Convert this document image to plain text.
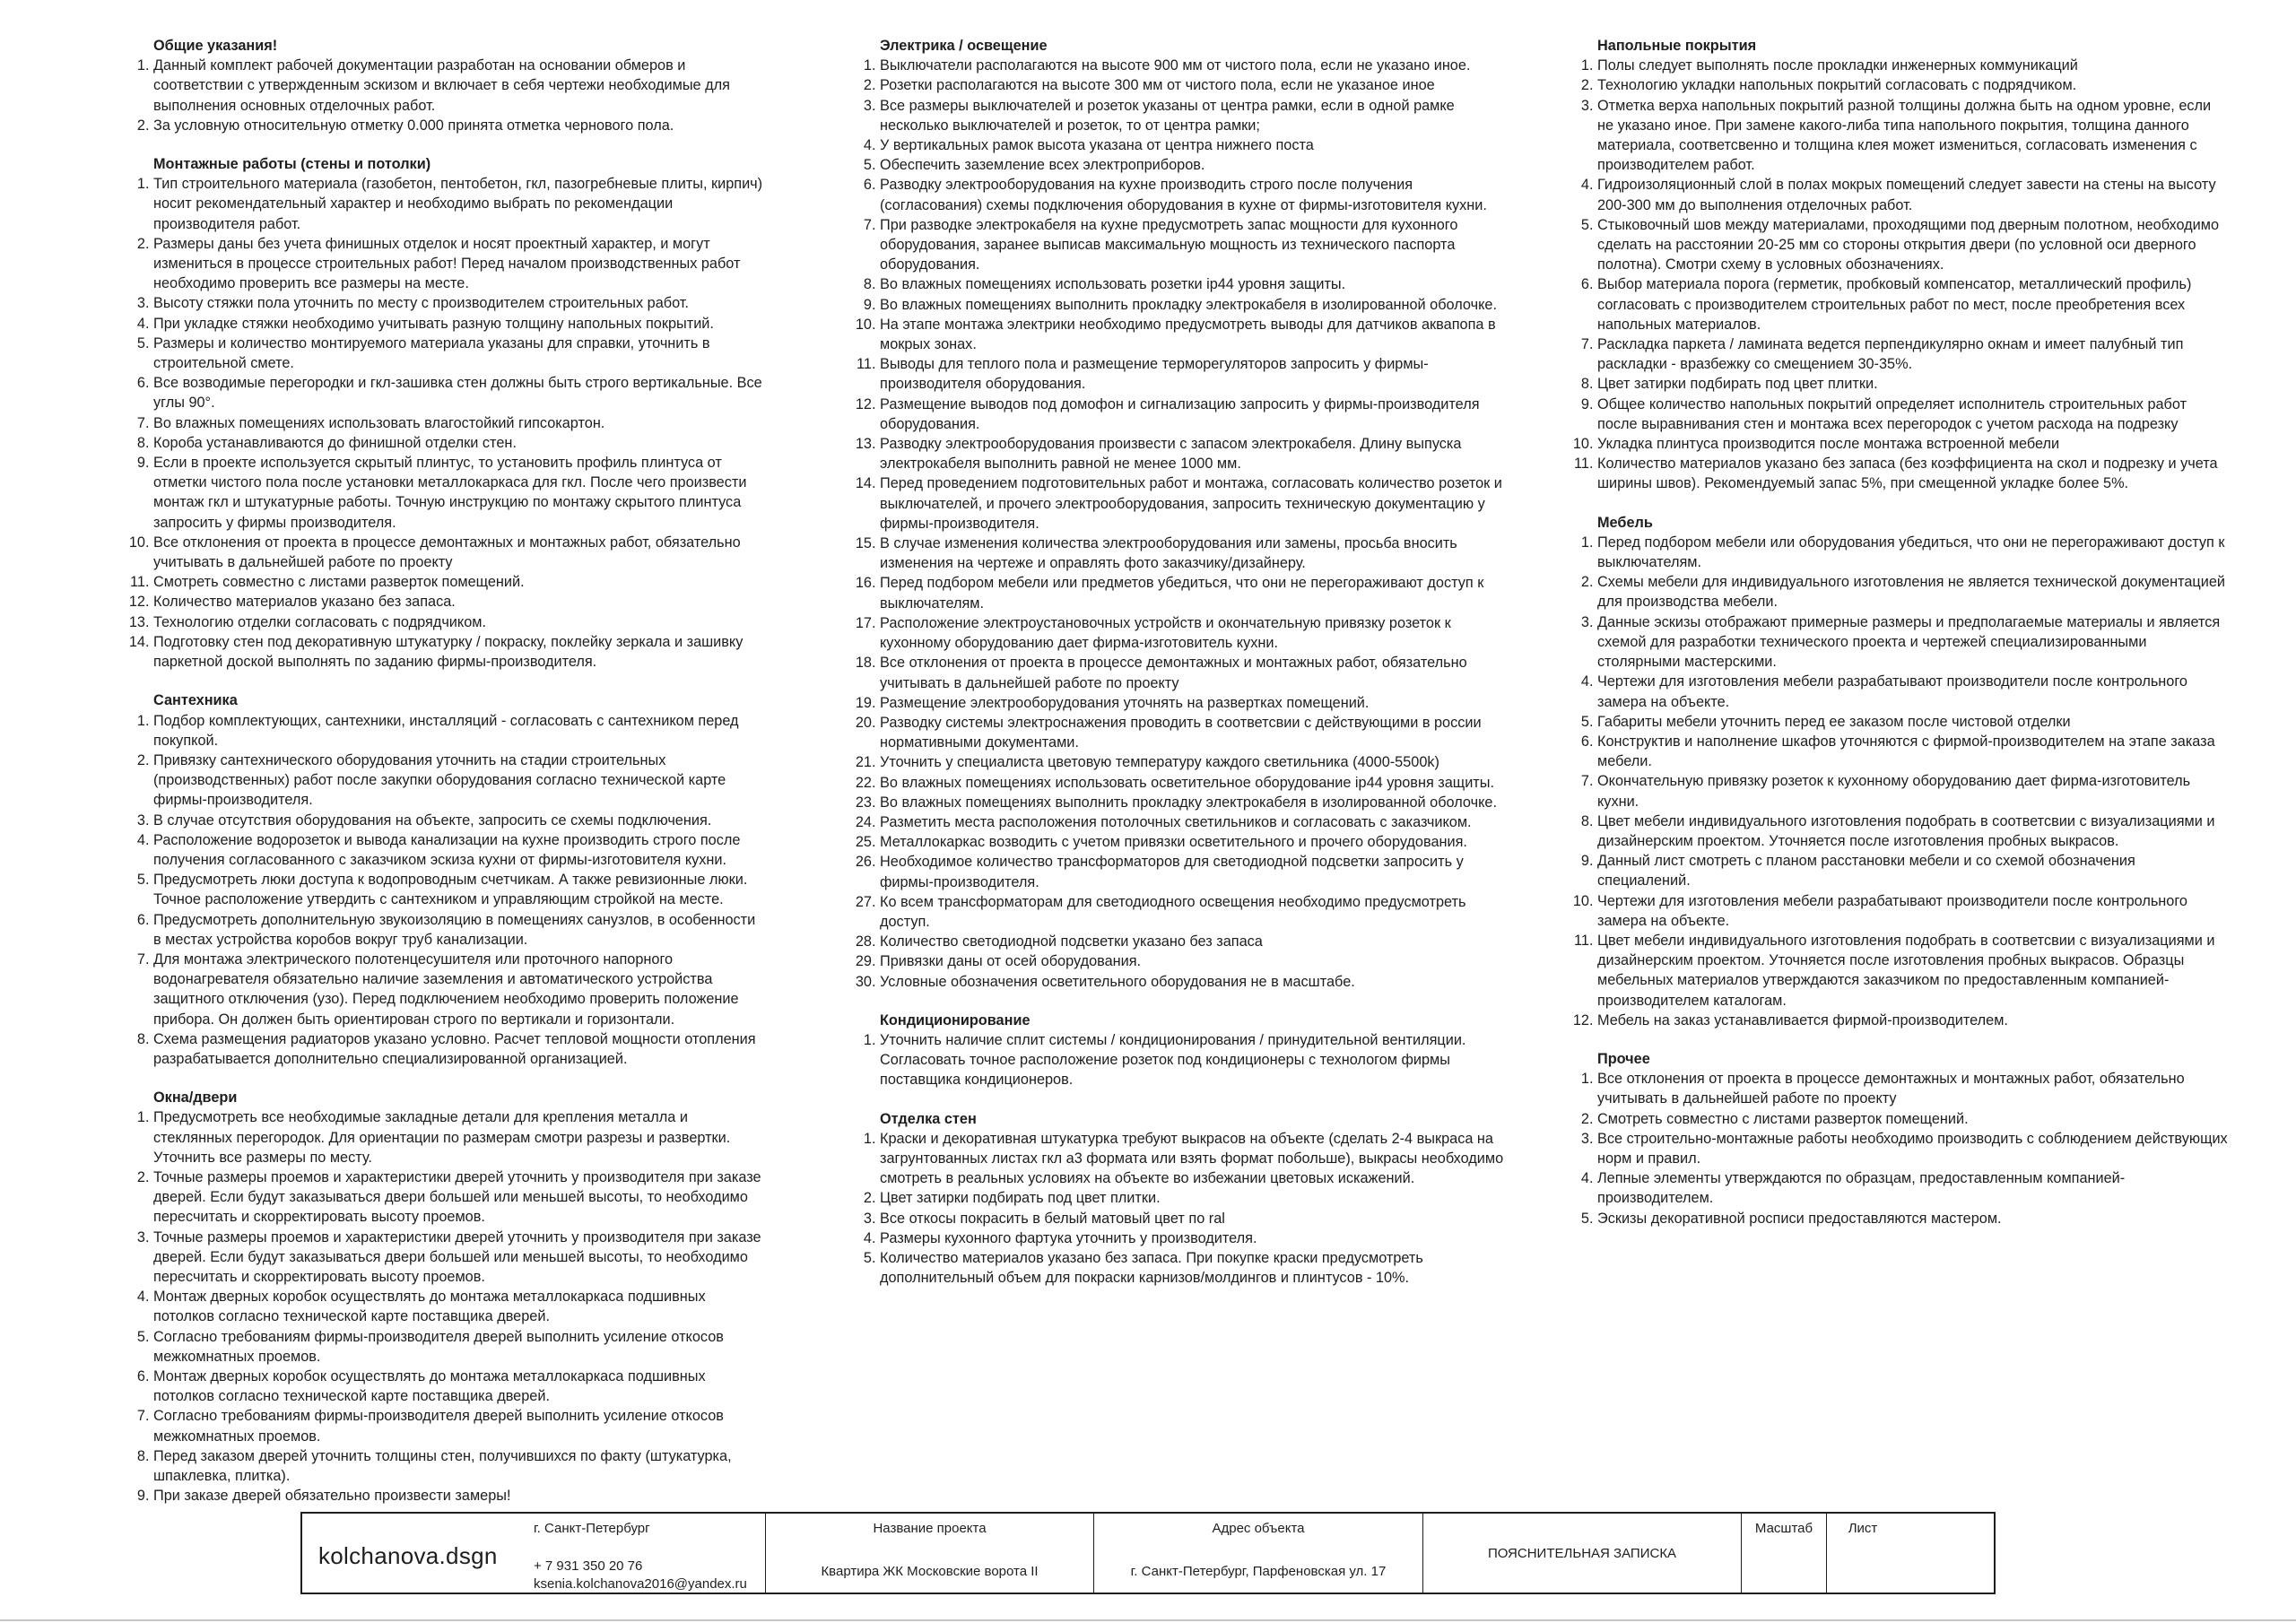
Общие указания!
1. Данный комплект рабочей документации разработан на основании обмеров и соответствии с утвержденным эскизом и включает в себя чертежи необходимые для выполнения основных отделочных работ.
2. За условную относительную отметку 0.000 принята отметка чернового пола.
Монтажные работы (стены и потолки)
1. Тип строительного материала (газобетон, пентобетон, гкл, пазогребневые плиты, кирпич) носит рекомендательный характер и необходимо выбрать по рекомендации производителя работ.
2. Размеры даны без учета финишных отделок и носят проектный характер, и могут измениться в процессе строительных работ! Перед началом производственных работ необходимо проверить все размеры на месте.
3. Высоту стяжки пола уточнить по месту с производителем строительных работ.
4. При укладке стяжки необходимо учитывать разную толщину напольных покрытий.
5. Размеры и количество монтируемого материала указаны для справки, уточнить в строительной смете.
6. Все возводимые перегородки и гкл-зашивка стен должны быть строго вертикальные. Все углы 90°.
7. Во влажных помещениях использовать влагостойкий гипсокартон.
8. Короба устанавливаются до финишной отделки стен.
9. Если в проекте используется скрытый плинтус, то установить профиль плинтуса от отметки чистого пола после установки металлокаркаса для гкл. После чего произвести монтаж гкл и штукатурные работы. Точную инструкцию по монтажу скрытого плинтуса запросить у фирмы производителя.
10. Все отклонения от проекта в процессе демонтажных и монтажных работ, обязательно учитывать в дальнейшей работе по проекту
11. Смотреть совместно с листами разверток помещений.
12. Количество материалов указано без запаса.
13. Технологию отделки согласовать с подрядчиком.
14. Подготовку стен под декоративную штукатурку / покраску, поклейку зеркала и зашивку паркетной доской выполнять по заданию фирмы-производителя.
Сантехника
1. Подбор комплектующих, сантехники, инсталляций - согласовать с сантехником перед покупкой.
2. Привязку сантехнического оборудования уточнить на стадии строительных (производственных) работ после закупки оборудования согласно технической карте фирмы-производителя.
3. В случае отсутствия оборудования на объекте, запросить се схемы подключения.
4. Расположение водорозеток и вывода канализации на кухне производить строго после получения согласованного с заказчиком эскиза кухни от фирмы-изготовителя кухни.
5. Предусмотреть люки доступа к водопроводным счетчикам. А также ревизионные люки. Точное расположение утвердить с сантехником и управляющим стройкой на месте.
6. Предусмотреть дополнительную звукоизоляцию в помещениях санузлов, в особенности в местах устройства коробов вокруг труб канализации.
7. Для монтажа электрического полотенцесушителя или проточного напорного водонагревателя обязательно наличие заземления и автоматического устройства защитного отключения (узо). Перед подключением необходимо проверить положение прибора. Он должен быть ориентирован строго по вертикали и горизонтали.
8. Схема размещения радиаторов указано условно. Расчет тепловой мощности отопления разрабатывается дополнительно специализированной организацией.
Окна/двери
1. Предусмотреть все необходимые закладные детали для крепления металла и стеклянных перегородок. Для ориентации по размерам смотри разрезы и развертки. Уточнить все размеры по месту.
2. Точные размеры проемов и характеристики дверей уточнить у производителя при заказе дверей. Если будут заказываться двери большей или меньшей высоты, то необходимо пересчитать и скорректировать высоту проемов.
3. Точные размеры проемов и характеристики дверей уточнить у производителя при заказе дверей. Если будут заказываться двери большей или меньшей высоты, то необходимо пересчитать и скорректировать высоту проемов.
4. Монтаж дверных коробок осуществлять до монтажа металлокаркаса подшивных потолков согласно технической карте поставщика дверей.
5. Согласно требованиям фирмы-производителя дверей выполнить усиление откосов межкомнатных проемов.
6. Монтаж дверных коробок осуществлять до монтажа металлокаркаса подшивных потолков согласно технической карте поставщика дверей.
7. Согласно требованиям фирмы-производителя дверей выполнить усиление откосов межкомнатных проемов.
8. Перед заказом дверей уточнить толщины стен, получившихся по факту (штукатурка, шпаклевка, плитка).
9. При заказе дверей обязательно произвести замеры!
Электрика / освещение
1. Выключатели располагаются на высоте 900 мм от чистого пола, если не указано иное.
2. Розетки располагаются на высоте 300 мм от чистого пола, если не указаное иное
3. Все размеры выключателей и розеток указаны от центра рамки, если в одной рамке несколько выключателей и розеток, то от центра рамки;
4. У вертикальных рамок высота указана от центра нижнего поста
5. Обеспечить заземление всех электроприборов.
6. Разводку электрооборудования на кухне производить строго после получения (согласования) схемы подключения оборудования в кухне от фирмы-изготовителя кухни.
7. При разводке электрокабеля на кухне предусмотреть запас мощности для кухонного оборудования, заранее выписав максимальную мощность из технического паспорта оборудования.
8. Во влажных помещениях использовать розетки ip44 уровня защиты.
9. Во влажных помещениях выполнить прокладку электрокабеля в изолированной оболочке.
10. На этапе монтажа электрики необходимо предусмотреть выводы для датчиков аквапопа в мокрых зонах.
11. Выводы для теплого пола и размещение терморегуляторов запросить у фирмы-производителя оборудования.
12. Размещение выводов под домофон и сигнализацию запросить у фирмы-производителя оборудования.
13. Разводку электрооборудования произвести с запасом электрокабеля. Длину выпуска электрокабеля выполнить равной не менее 1000 мм.
14. Перед проведением подготовительных работ и монтажа, согласовать количество розеток и выключателей, и прочего электрооборудования, запросить техническую документацию у фирмы-производителя.
15. В случае изменения количества электрооборудования или замены, просьба вносить изменения на чертеже и оправлять фото заказчику/дизайнеру.
16. Перед подбором мебели или предметов убедиться, что они не перегораживают доступ к выключателям.
17. Расположение электроустановочных устройств и окончательную привязку розеток к кухонному оборудованию дает фирма-изготовитель кухни.
18. Все отклонения от проекта в процессе демонтажных и монтажных работ, обязательно учитывать в дальнейшей работе по проекту
19. Размещение электрооборудования уточнять на развертках помещений.
20. Разводку системы электроснажения проводить в соответсвии с действующими в россии нормативными документами.
21. Уточнить у специалиста цветовую температуру каждого светильника (4000-5500k)
22. Во влажных помещениях использовать осветительное оборудование ip44 уровня защиты.
23. Во влажных помещениях выполнить прокладку электрокабеля в изолированной оболочке.
24. Разметить места расположения потолочных светильников и согласовать с заказчиком.
25. Металлокаркас возводить с учетом привязки осветительного и прочего оборудования.
26. Необходимое количество трансформаторов для светодиодной подсветки запросить у фирмы-производителя.
27. Ко всем трансформаторам для светодиодного освещения необходимо предусмотреть доступ.
28. Количество светодиодной подсветки указано без запаса
29. Привязки даны от осей оборудования.
30. Условные обозначения осветительного оборудования не в масштабе.
Кондиционирование
1. Уточнить наличие сплит системы / кондиционирования / принудительной вентиляции. Согласовать точное расположение розеток под кондиционеры с технологом фирмы поставщика кондиционеров.
Отделка стен
1. Краски и декоративная штукатурка требуют выкрасов на объекте (сделать 2-4 выкраса на загрунтованных листах гкл а3 формата или взять формат побольше), выкрасы необходимо смотреть в реальных условиях на объекте во избежании цветовых искажений.
2. Цвет затирки подбирать под цвет плитки.
3. Все откосы покрасить в белый матовый цвет по ral
4. Размеры кухонного фартука уточнить у производителя.
5. Количество материалов указано без запаса. При покупке краски предусмотреть дополнительный объем для покраски карнизов/молдингов и плинтусов - 10%.
Напольные покрытия
1. Полы следует выполнять после прокладки инженерных коммуникаций
2. Технологию укладки напольных покрытий согласовать с подрядчиком.
3. Отметка верха напольных покрытий разной толщины должна быть на одном уровне, если не указано иное. При замене какого-либа типа напольного покрытия, толщина данного материала, соответсвенно и толщина клея может измениться, согласовать изменения с производителем работ.
4. Гидроизоляционный слой в полах мокрых помещений следует завести на стены на высоту 200-300 мм до выполнения отделочных работ.
5. Стыковочный шов между материалами, проходящими под дверным полотном, необходимо сделать на расстоянии 20-25 мм со стороны открытия двери (по условной оси дверного полотна). Смотри схему в условных обозначениях.
6. Выбор материала порога (герметик, пробковый компенсатор, металлический профиль) согласовать с производителем строительных работ по мест, после преобретения всех напольных материалов.
7. Раскладка паркета / ламината ведется перпендикулярно окнам и имеет палубный тип раскладки - вразбежку со смещением 30-35%.
8. Цвет затирки подбирать под цвет плитки.
9. Общее количество напольных покрытий определяет исполнитель строительных работ после выравнивания стен и монтажа всех перегородок с учетом расхода на подрезку
10. Укладка плинтуса производится после монтажа встроенной мебели
11. Количество материалов указано без запаса (без коэффициента на скол и подрезку и учета ширины швов). Рекомендуемый запас 5%, при смещенной укладке более 5%.
Мебель
1. Перед подбором мебели или оборудования убедиться, что они не перегораживают доступ к выключателям.
2. Схемы мебели для индивидуального изготовления не является технической документацией для производства мебели.
3. Данные эскизы отображают примерные размеры и предполагаемые материалы и является схемой для разработки технического проекта и чертежей специализированными столярными мастерскими.
4. Чертежи для изготовления мебели разрабатывают производители после контрольного замера на объекте.
5. Габариты мебели уточнить перед ее заказом после чистовой отделки
6. Конструктив и наполнение шкафов уточняются с фирмой-производителем на этапе заказа мебели.
7. Окончательную привязку розеток к кухонному оборудованию дает фирма-изготовитель кухни.
8. Цвет мебели индивидуального изготовления подобрать в соответсвии с визуализациями и дизайнерским проектом. Уточняется после изготовления пробных выкрасов.
9. Данный лист смотреть с планом расстановки мебели и со схемой обозначения специалений.
10. Чертежи для изготовления мебели разрабатывают производители после контрольного замера на объекте.
11. Цвет мебели индивидуального изготовления подобрать в соответсвии с визуализациями и дизайнерским проектом. Уточняется после изготовления пробных выкрасов. Образцы мебельных материалов утверждаются заказчиком по предоставленным компанией-производителем каталогам.
12. Мебель на заказ устанавливается фирмой-производителем.
Прочее
1. Все отклонения от проекта в процессе демонтажных и монтажных работ, обязательно учитывать в дальнейшей работе по проекту
2. Смотреть совместно с листами разверток помещений.
3. Все строительно-монтажные работы необходимо производить с соблюдением действующих норм и правил.
4. Лепные элементы утверждаются по образцам, предоставленным компанией-производителем.
5. Эскизы декоративной росписи предоставляются мастером.
kolchanova.dsgn
г. Санкт-Петербург
+ 7 931 350 20 76
ksenia.kolchanova2016@yandex.ru
Название проекта
Квартира ЖК Московские ворота II
Адрес объекта
г. Санкт-Петербург, Парфеновская ул. 17
ПОЯСНИТЕЛЬНАЯ ЗАПИСКА
Масштаб	Лист
